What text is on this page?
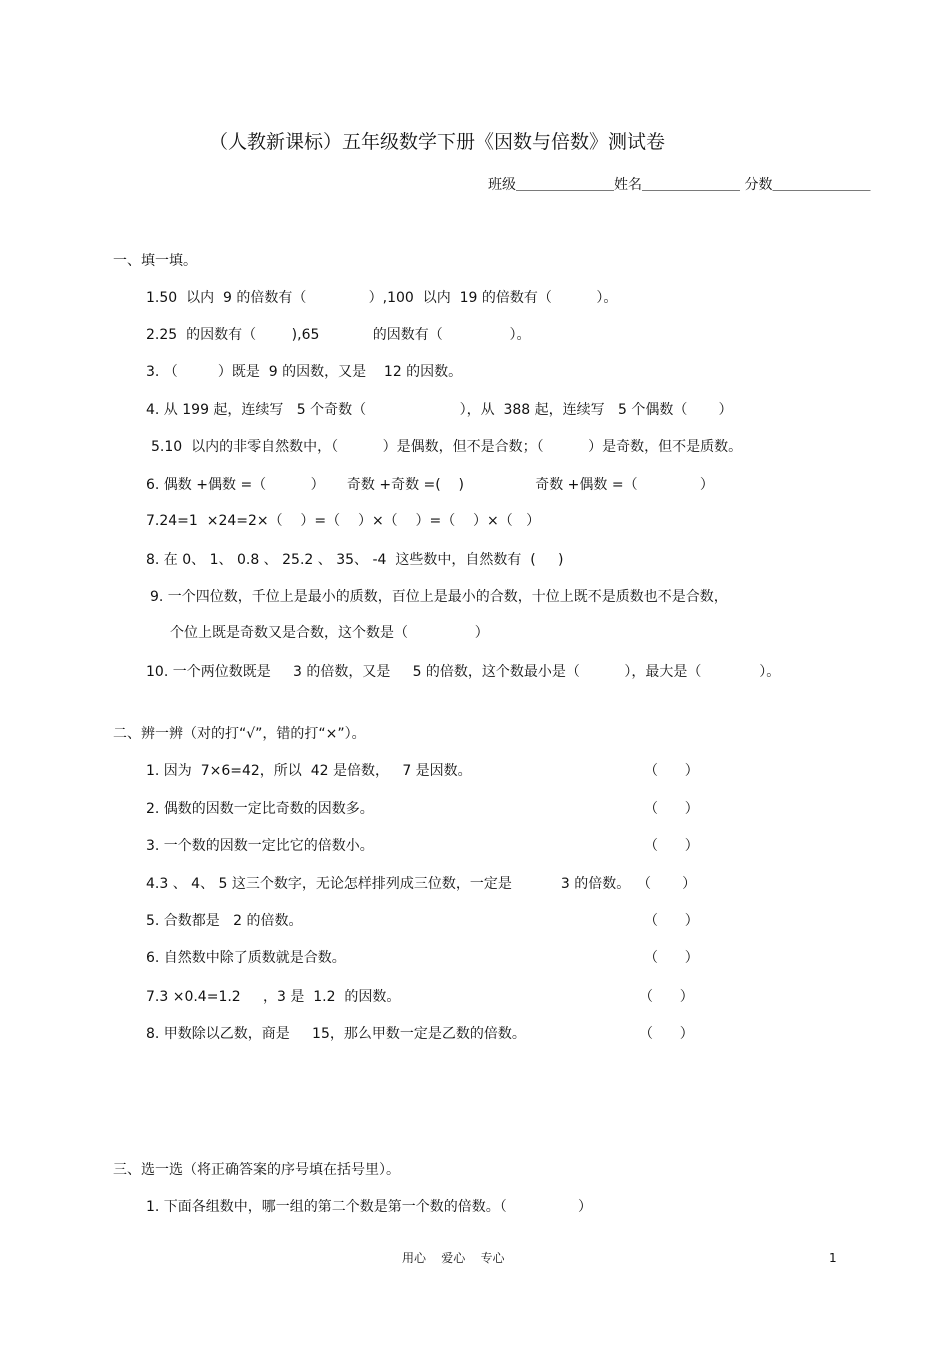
（人教新课标）五年级数学下册《因数与倍数》测试卷
班级＿＿＿＿＿＿＿姓名＿＿＿＿＿＿＿ 分数＿＿＿＿＿＿＿
一、填一填。
1.50  以内  9 的倍数有（              ）,100  以内  19 的倍数有（          ）。
2.25  的因数有（        ),65            的因数有（               ）。
3. （         ）既是  9 的因数，又是    12 的因数。
4. 从 199 起，连续写   5 个奇数（                     ），从  388 起，连续写   5 个偶数（       ）
5.10  以内的非零自然数中，（          ）是偶数，但不是合数；（          ）是奇数，但不是质数。
6. 偶数 +偶数 =（          ）     奇数 +奇数 =(    )                奇数 +偶数 =（              ）
7.24=1  ×24=2×（    ）=（    ）×（    ）=（    ）×（   ）
8. 在 0、 1、 0.8 、 25.2 、 35、 -4  这些数中，自然数有  (     )
9. 一个四位数，千位上是最小的质数，百位上是最小的合数，十位上既不是质数也不是合数，
个位上既是奇数又是合数，这个数是（               ）
10. 一个两位数既是     3 的倍数，又是     5 的倍数，这个数最小是（          ），最大是（             ）。
二、辨一辨（对的打“√”，错的打“×”）。
1. 因为  7×6=42，所以  42 是倍数，   7 是因数。	（      ）
2. 偶数的因数一定比奇数的因数多。	（      ）
3. 一个数的因数一定比它的倍数小。	（      ）
4.3 、 4、 5 这三个数字，无论怎样排列成三位数，一定是           3 的倍数。 （       ）
5. 合数都是   2 的倍数。	（      ）
6. 自然数中除了质数就是合数。	（      ）
7.3 ×0.4=1.2     ，3 是  1.2  的因数。	（      ）
8. 甲数除以乙数，商是     15，那么甲数一定是乙数的倍数。	（      ）
三、选一选（将正确答案的序号填在括号里）。
1. 下面各组数中，哪一组的第二个数是第一个数的倍数。（                ）
用心    爱心    专心	1
